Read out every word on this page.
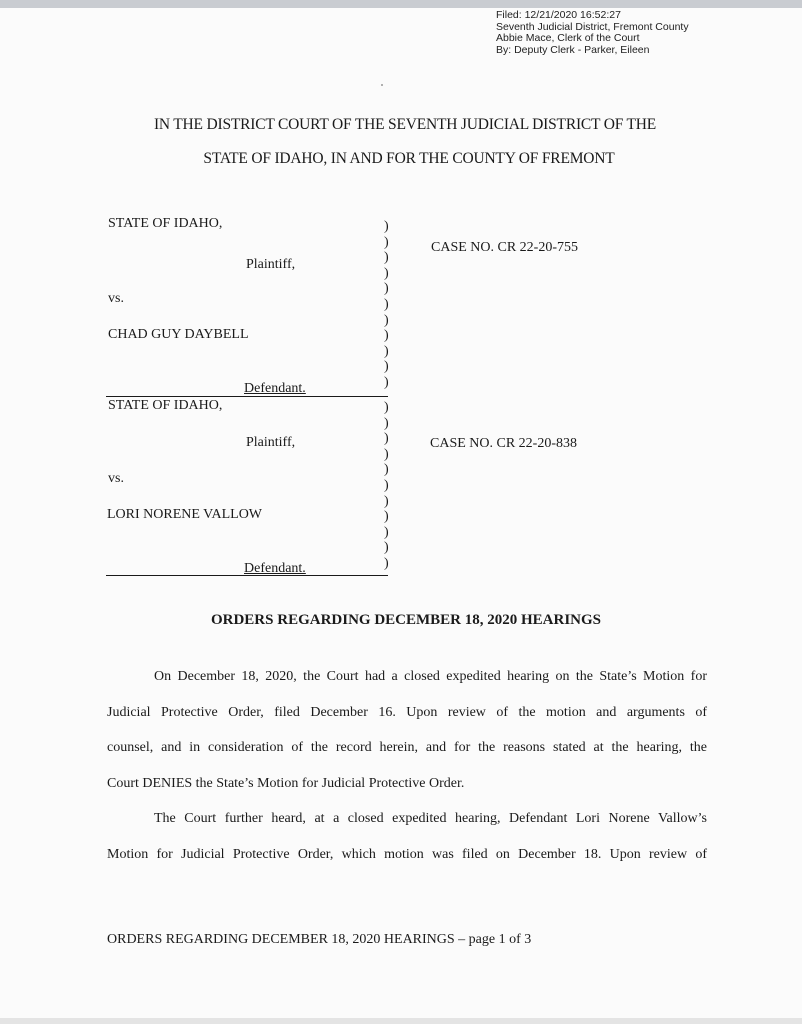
Filed: 12/21/2020 16:52:27
Seventh Judicial District, Fremont County
Abbie Mace, Clerk of the Court
By: Deputy Clerk - Parker, Eileen
IN THE DISTRICT COURT OF THE SEVENTH JUDICIAL DISTRICT OF THE
STATE OF IDAHO, IN AND FOR THE COUNTY OF FREMONT
STATE OF IDAHO,
Plaintiff,
vs.
CHAD GUY DAYBELL
Defendant.
CASE NO. CR 22-20-755
)
)
)
)
)
)
)
)
)
)
)
STATE OF IDAHO,
Plaintiff,
vs.
LORI NORENE VALLOW
Defendant.
CASE NO. CR 22-20-838
)
)
)
)
)
)
)
)
)
)
)
ORDERS REGARDING DECEMBER 18, 2020 HEARINGS
On December 18, 2020, the Court had a closed expedited hearing on the State’s Motion for
Judicial Protective Order, filed December 16. Upon review of the motion and arguments of
counsel, and in consideration of the record herein, and for the reasons stated at the hearing, the
Court DENIES the State’s Motion for Judicial Protective Order.
The Court further heard, at a closed expedited hearing, Defendant Lori Norene Vallow’s
Motion for Judicial Protective Order, which motion was filed on December 18. Upon review of
ORDERS REGARDING DECEMBER 18, 2020 HEARINGS – page 1 of 3
